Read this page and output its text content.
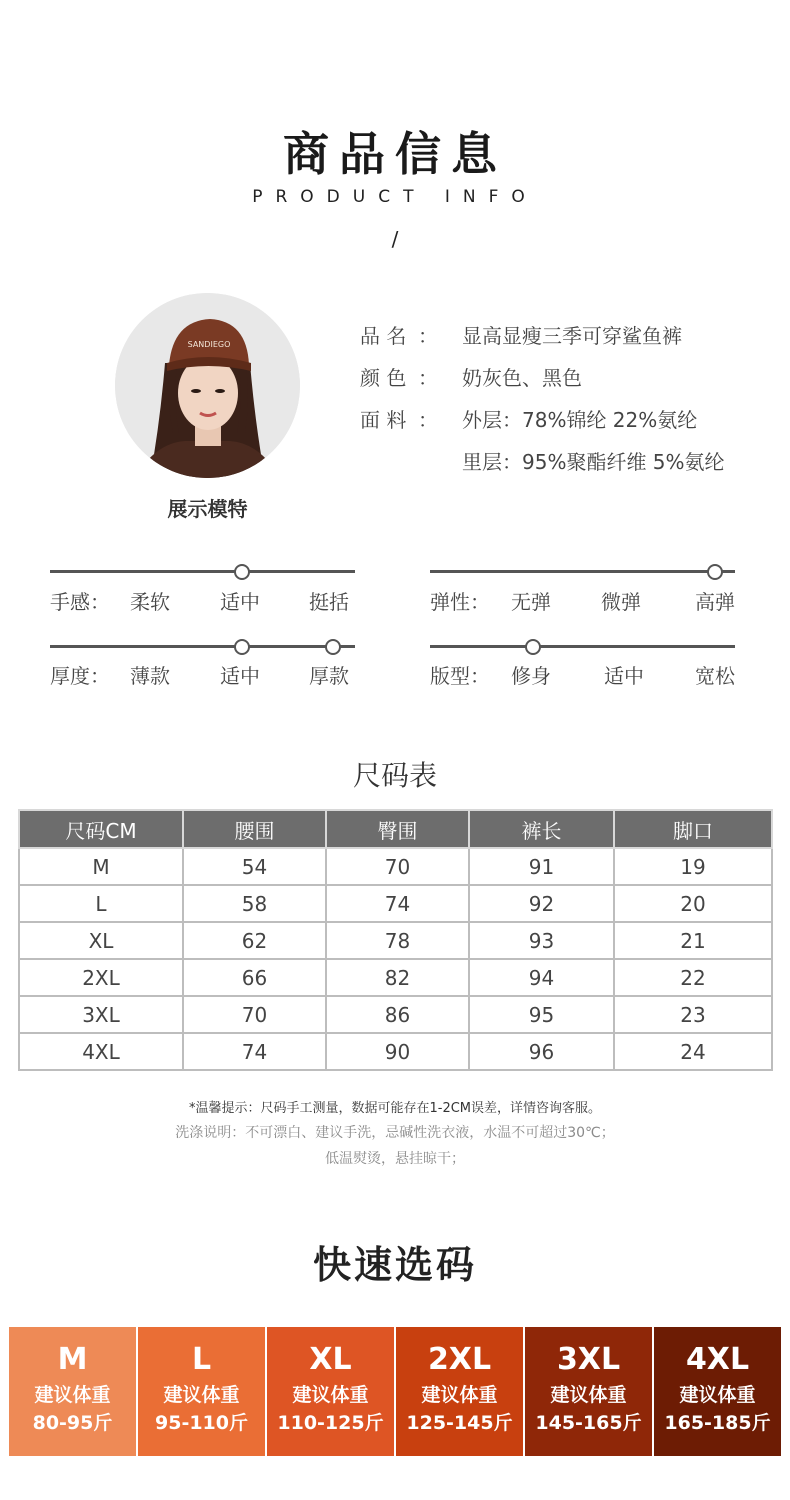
商品信息
PRODUCT INFO
/
SANDIEGO
展示模特
品 名 ： 显高显瘦三季可穿鲨鱼裤
颜 色 ： 奶灰色、黑色
面 料 ： 外层：78%锦纶 22%氨纶
里层：95%聚酯纤维 5%氨纶
手感： 柔软	适中 挺括	弹性： 无弹	微弹	高弹
厚度： 薄款	适中 厚款	版型： 修身	适中	宽松
尺码表
尺码CM	腰围	臀围	裤长	脚口
M	54	70	91	19
L	58	74	92	20
XL	62	78	93	21
2XL	66	82	94	22
3XL	70	86	95	23
4XL	74	90	96	24
*温馨提示：尺码手工测量，数据可能存在1-2CM误差，详情咨询客服。
洗涤说明：不可漂白、建议手洗，忌碱性洗衣液，水温不可超过30℃；
低温熨烫，悬挂晾干；
快速选码
M
建议体重
80-95斤
L
建议体重
95-110斤
XL
建议体重
110-125斤
2XL
建议体重
125-145斤
3XL
建议体重
145-165斤
4XL
建议体重
165-185斤
